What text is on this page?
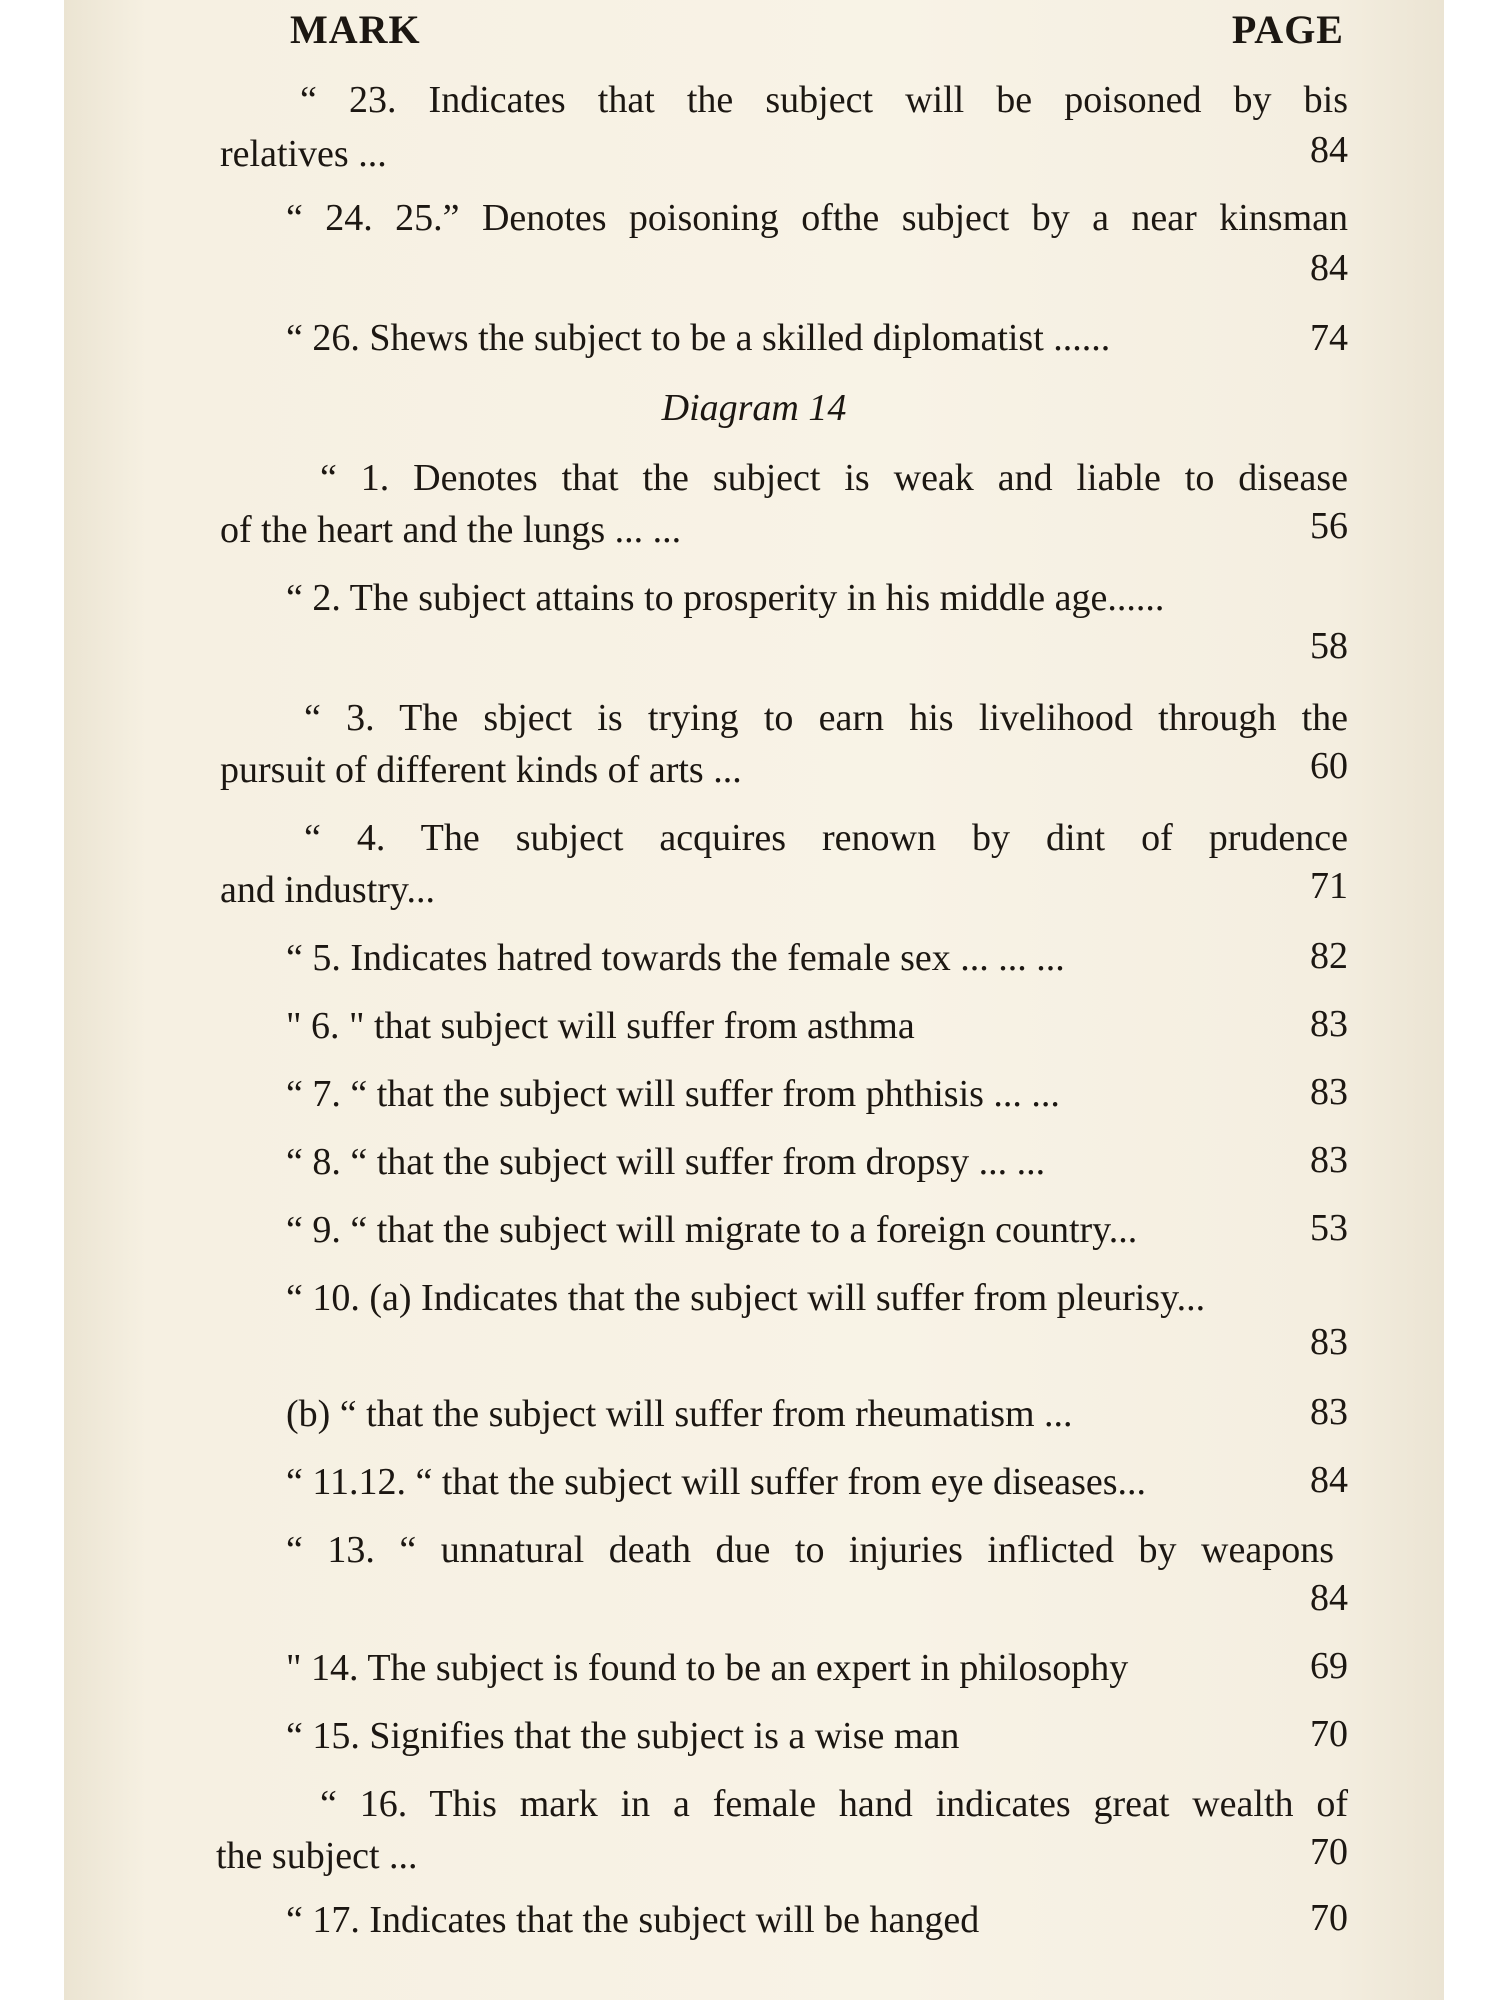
MARK	PAGE
“ 23. Indicates that the subject will be poisoned by bis
relatives ...	84
“ 24. 25.” Denotes poisoning ofthe subject by a near kinsman
84
“ 26. Shews the subject to be a skilled diplomatist ......	74
Diagram 14
“ 1. Denotes that the subject is weak and liable to disease
of the heart and the lungs ... ...	56
“ 2. The subject attains to prosperity in his middle age......
58
“ 3. The sbject is trying to earn his livelihood through the
pursuit of different kinds of arts ...	60
“ 4. The subject acquires renown by dint of prudence
and industry...	71
“ 5. Indicates hatred towards the female sex ... ... ...	82
" 6. " that subject will suffer from asthma	83
“ 7. “ that the subject will suffer from phthisis ... ...	83
“ 8. “ that the subject will suffer from dropsy ... ...	83
“ 9. “ that the subject will migrate to a foreign country...	53
“ 10. (a) Indicates that the subject will suffer from pleurisy...
83
(b) “ that the subject will suffer from rheumatism ...	83
“ 11.12. “ that the subject will suffer from eye diseases...	84
“ 13. “ unnatural death due to injuries inflicted by weapons
84
" 14. The subject is found to be an expert in philosophy	69
“ 15. Signifies that the subject is a wise man	70
“ 16. This mark in a female hand indicates great wealth of
the subject ...	70
“ 17. Indicates that the subject will be hanged	70
